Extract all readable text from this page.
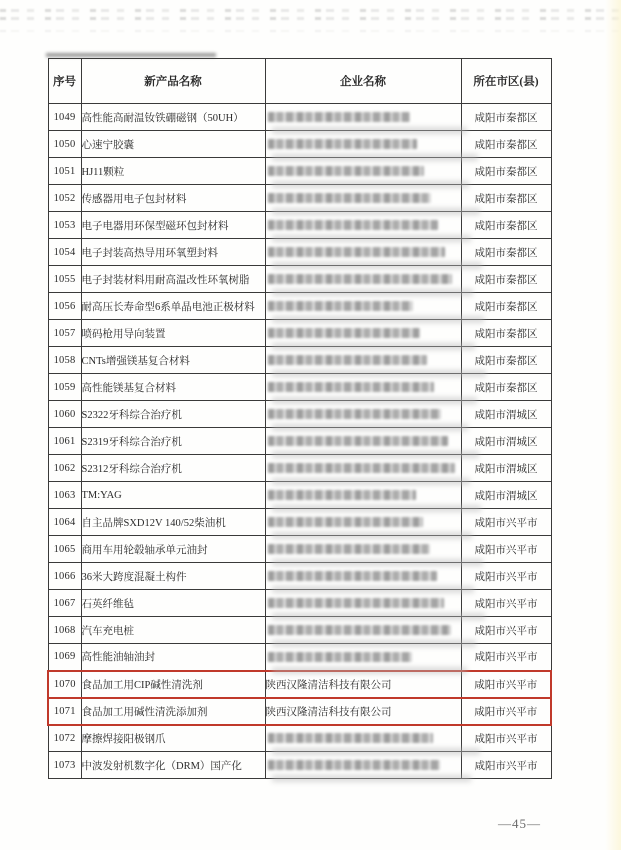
序号	新产品名称	企业名称	所在市区(县)
1049	高性能高耐温钕铁硼磁钢（50UH）		咸阳市秦都区
1050	心速宁胶囊		咸阳市秦都区
1051	HJ11颗粒		咸阳市秦都区
1052	传感器用电子包封材料		咸阳市秦都区
1053	电子电器用环保型磁环包封材料		咸阳市秦都区
1054	电子封装高热导用环氧塑封料		咸阳市秦都区
1055	电子封装材料用耐高温改性环氧树脂		咸阳市秦都区
1056	耐高压长寿命型6系单晶电池正极材料		咸阳市秦都区
1057	喷码枪用导向装置		咸阳市秦都区
1058	CNTs增强镁基复合材料		咸阳市秦都区
1059	高性能镁基复合材料		咸阳市秦都区
1060	S2322牙科综合治疗机		咸阳市渭城区
1061	S2319牙科综合治疗机		咸阳市渭城区
1062	S2312牙科综合治疗机		咸阳市渭城区
1063	TM:YAG		咸阳市渭城区
1064	自主品牌SXD12V 140/52柴油机		咸阳市兴平市
1065	商用车用轮毂轴承单元油封		咸阳市兴平市
1066	36米大跨度混凝土构件		咸阳市兴平市
1067	石英纤维毡		咸阳市兴平市
1068	汽车充电桩		咸阳市兴平市
1069	高性能油轴油封		咸阳市兴平市
1070	食品加工用CIP碱性清洗剂	陕西汉隆清洁科技有限公司	咸阳市兴平市
1071	食品加工用碱性清洗添加剂	陕西汉隆清洁科技有限公司	咸阳市兴平市
1072	摩擦焊接阳极钢爪		咸阳市兴平市
1073	中波发射机数字化（DRM）国产化		咸阳市兴平市
—45—
